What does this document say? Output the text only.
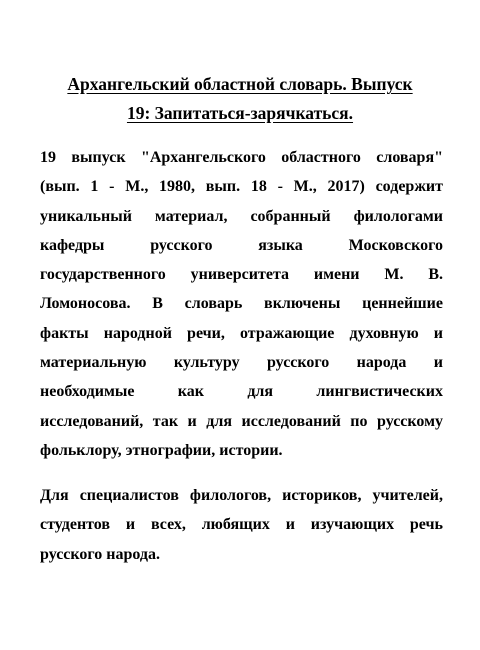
Архангельский областной словарь. Выпуск
19: Запитаться-зарячкаться.

19 выпуск "Архангельского областного словаря"
(вып. 1 - М., 1980, вып. 18 - М., 2017) содержит
уникальный материал, собранный филологами
кафедры русского языка Московского
государственного университета имени М. В.
Ломоносова. В словарь включены ценнейшие
факты народной речи, отражающие духовную и
материальную культуру русского народа и
необходимые как для лингвистических
исследований, так и для исследований по русскому
фольклору, этнографии, истории.

Для специалистов филологов, историков, учителей,
студентов и всех, любящих и изучающих речь
русского народа.
